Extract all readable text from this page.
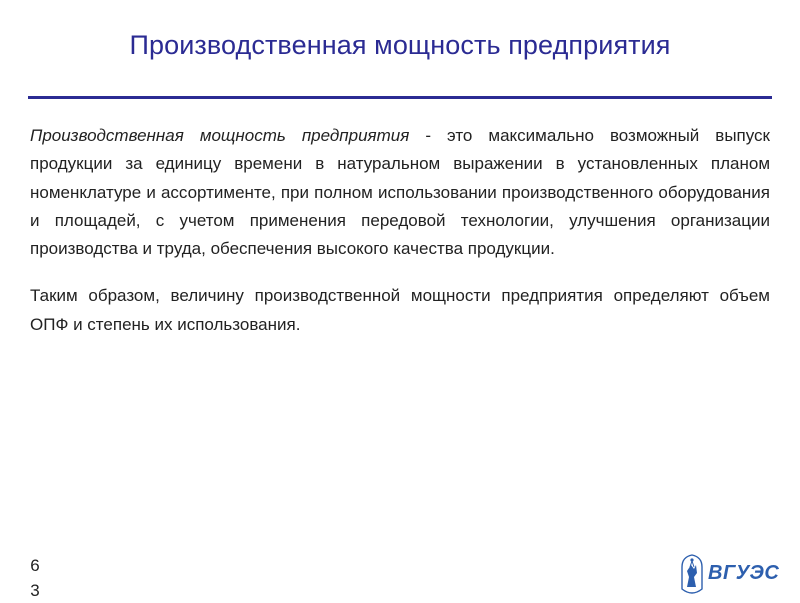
Производственная мощность предприятия

Производственная мощность предприятия - это максимально возможный выпуск продукции за единицу времени в натуральном выражении в установленных планом номенклатуре и ассортименте, при полном использовании производственного оборудования и площадей, с учетом применения передовой технологии, улучшения организации производства и труда, обеспечения высокого качества продукции.

Таким образом, величину производственной мощности предприятия определяют объем ОПФ и степень их использования.

6
3
ВГУЭС
